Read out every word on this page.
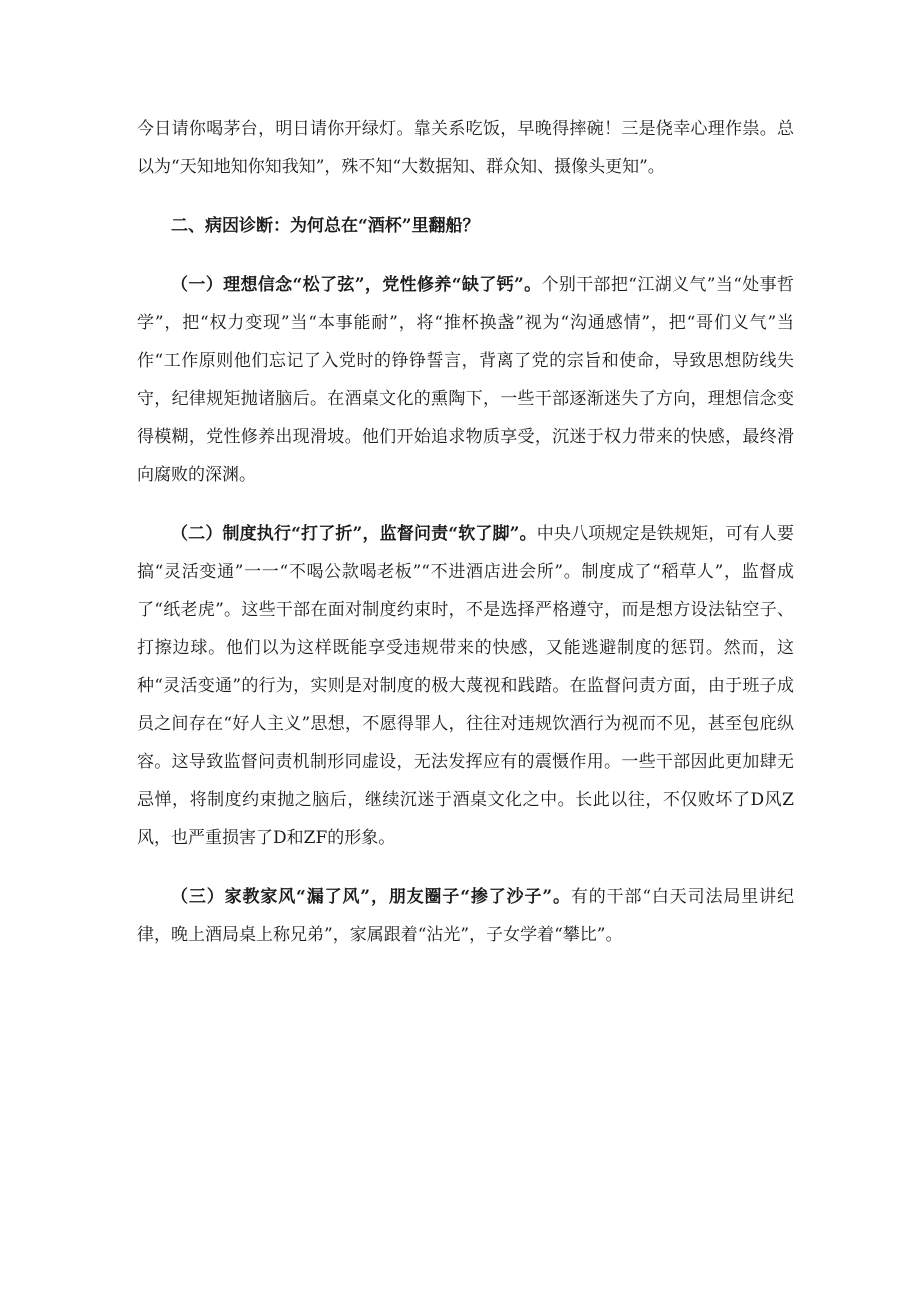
今日请你喝茅台，明日请你开绿灯。靠关系吃饭，早晚得摔碗！三是侥幸心理作祟。总以为“天知地知你知我知”，殊不知“大数据知、群众知、摄像头更知”。

二、病因诊断：为何总在“酒杯”里翻船？

（一）理想信念“松了弦”，党性修养“缺了钙”。个别干部把“江湖义气”当“处事哲学”，把“权力变现”当“本事能耐”，将“推杯换盏”视为“沟通感情”，把“哥们义气”当作“工作原则他们忘记了入党时的铮铮誓言，背离了党的宗旨和使命，导致思想防线失守，纪律规矩抛诸脑后。在酒桌文化的熏陶下，一些干部逐渐迷失了方向，理想信念变得模糊，党性修养出现滑坡。他们开始追求物质享受，沉迷于权力带来的快感，最终滑向腐败的深渊。

（二）制度执行“打了折”，监督问责“软了脚”。中央八项规定是铁规矩，可有人要搞“灵活变通”一一“不喝公款喝老板”“不进酒店进会所”。制度成了“稻草人”，监督成了“纸老虎”。这些干部在面对制度约束时，不是选择严格遵守，而是想方设法钻空子、打擦边球。他们以为这样既能享受违规带来的快感，又能逃避制度的惩罚。然而，这种“灵活变通”的行为，实则是对制度的极大蔑视和践踏。在监督问责方面，由于班子成员之间存在“好人主义”思想，不愿得罪人，往往对违规饮酒行为视而不见，甚至包庇纵容。这导致监督问责机制形同虚设，无法发挥应有的震慑作用。一些干部因此更加肆无忌惮，将制度约束抛之脑后，继续沉迷于酒桌文化之中。长此以往，不仅败坏了D风Z风，也严重损害了D和ZF的形象。

（三）家教家风“漏了风”，朋友圈子“掺了沙子”。有的干部“白天司法局里讲纪律，晚上酒局桌上称兄弟”，家属跟着“沾光”，子女学着“攀比”。
